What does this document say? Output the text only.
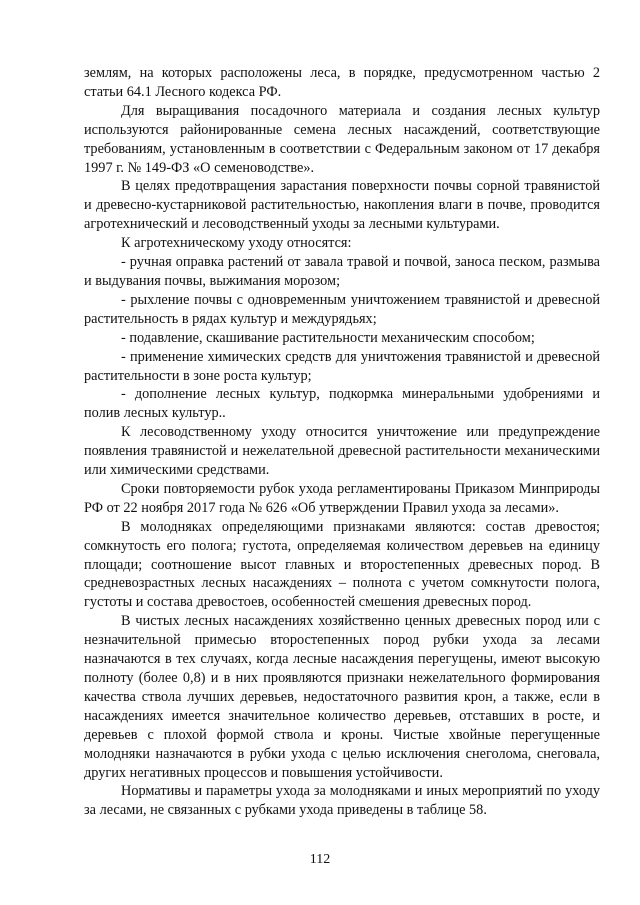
землям, на которых расположены леса, в порядке, предусмотренном частью 2 статьи 64.1 Лесного кодекса РФ.

Для выращивания посадочного материала и создания лесных культур используются районированные семена лесных насаждений, соответствующие требованиям, установленным в соответствии с Федеральным законом от 17 декабря 1997 г. № 149-ФЗ «О семеноводстве».

В целях предотвращения зарастания поверхности почвы сорной травянистой и древесно-кустарниковой растительностью, накопления влаги в почве, проводится агротехнический и лесоводственный уходы за лесными культурами.

К агротехническому уходу относятся:

- ручная оправка растений от завала травой и почвой, заноса песком, размыва и выдувания почвы, выжимания морозом;

- рыхление почвы с одновременным уничтожением травянистой и древесной растительность в рядах культур и междурядьях;

- подавление, скашивание растительности механическим способом;

- применение химических средств для уничтожения травянистой и древесной растительности в зоне роста культур;

- дополнение лесных культур, подкормка минеральными удобрениями и полив лесных культур..

К лесоводственному уходу относится уничтожение или предупреждение появления травянистой и нежелательной древесной растительности механическими или химическими средствами.

Сроки повторяемости рубок ухода регламентированы Приказом Минприроды РФ от 22 ноября 2017 года № 626 «Об утверждении Правил ухода за лесами».

В молодняках определяющими признаками являются: состав древостоя; сомкнутость его полога; густота, определяемая количеством деревьев на единицу площади; соотношение высот главных и второстепенных древесных пород. В средневозрастных лесных насаждениях – полнота с учетом сомкнутости полога, густоты и состава древостоев, особенностей смешения древесных пород.

В чистых лесных насаждениях хозяйственно ценных древесных пород или с незначительной примесью второстепенных пород рубки ухода за лесами назначаются в тех случаях, когда лесные насаждения перегущены, имеют высокую полноту (более 0,8) и в них проявляются признаки нежелательного формирования качества ствола лучших деревьев, недостаточного развития крон, а также, если в насаждениях имеется значительное количество деревьев, отставших в росте, и деревьев с плохой формой ствола и кроны. Чистые хвойные перегущенные молодняки назначаются в рубки ухода с целью исключения снеголома, снеговала, других негативных процессов и повышения устойчивости.

Нормативы и параметры ухода за молодняками и иных мероприятий по уходу за лесами, не связанных с рубками ухода приведены в таблице 58.

112
